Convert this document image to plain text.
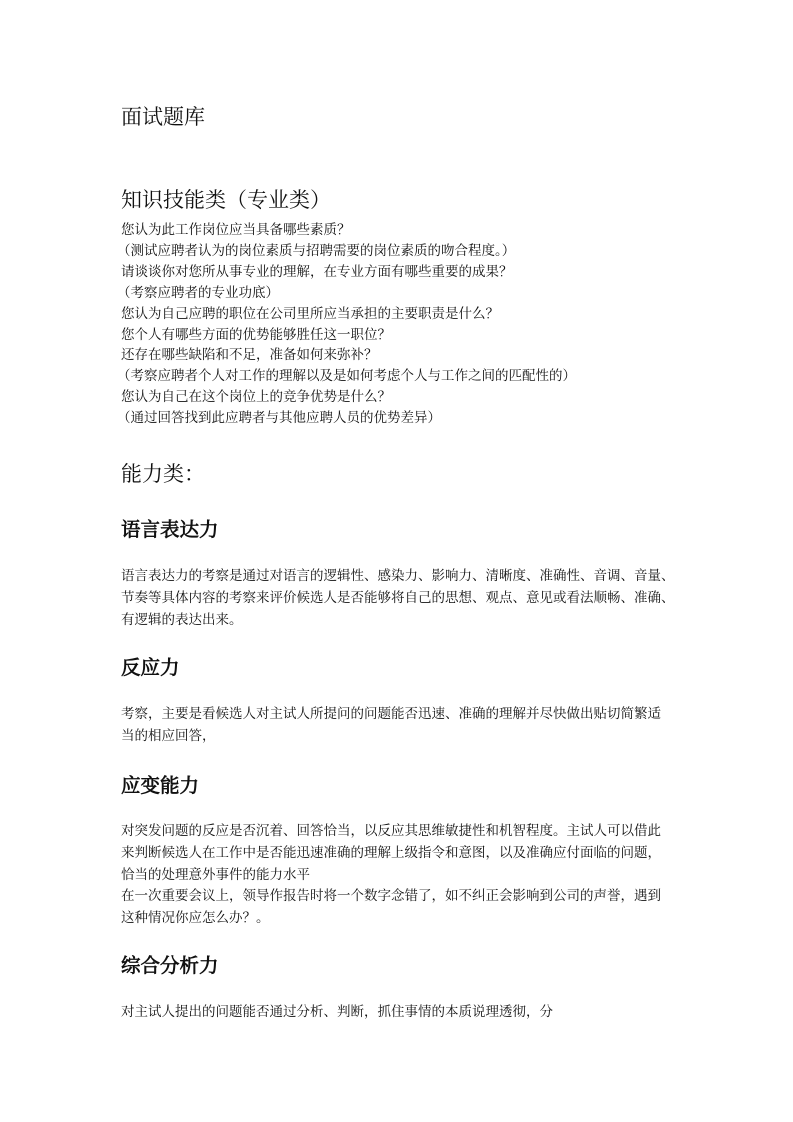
面试题库
知识技能类（专业类）
您认为此工作岗位应当具备哪些素质？
（测试应聘者认为的岗位素质与招聘需要的岗位素质的吻合程度。）
请谈谈你对您所从事专业的理解，在专业方面有哪些重要的成果？
（考察应聘者的专业功底）
您认为自己应聘的职位在公司里所应当承担的主要职责是什么？
您个人有哪些方面的优势能够胜任这一职位？
还存在哪些缺陷和不足，准备如何来弥补？
（考察应聘者个人对工作的理解以及是如何考虑个人与工作之间的匹配性的）
您认为自己在这个岗位上的竞争优势是什么？
（通过回答找到此应聘者与其他应聘人员的优势差异）
能力类：
语言表达力

语言表达力的考察是通过对语言的逻辑性、感染力、影响力、清晰度、准确性、音调、音量、
节奏等具体内容的考察来评价候选人是否能够将自己的思想、观点、意见或看法顺畅、准确、
有逻辑的表达出来。

反应力

考察，主要是看候选人对主试人所提问的问题能否迅速、准确的理解并尽快做出贴切简繁适
当的相应回答，

应变能力

对突发问题的反应是否沉着、回答恰当，以反应其思维敏捷性和机智程度。主试人可以借此
来判断候选人在工作中是否能迅速准确的理解上级指令和意图，以及准确应付面临的问题，
恰当的处理意外事件的能力水平
在一次重要会议上，领导作报告时将一个数字念错了，如不纠正会影响到公司的声誉，遇到
这种情况你应怎么办？。

综合分析力

对主试人提出的问题能否通过分析、判断，抓住事情的本质说理透彻，分
